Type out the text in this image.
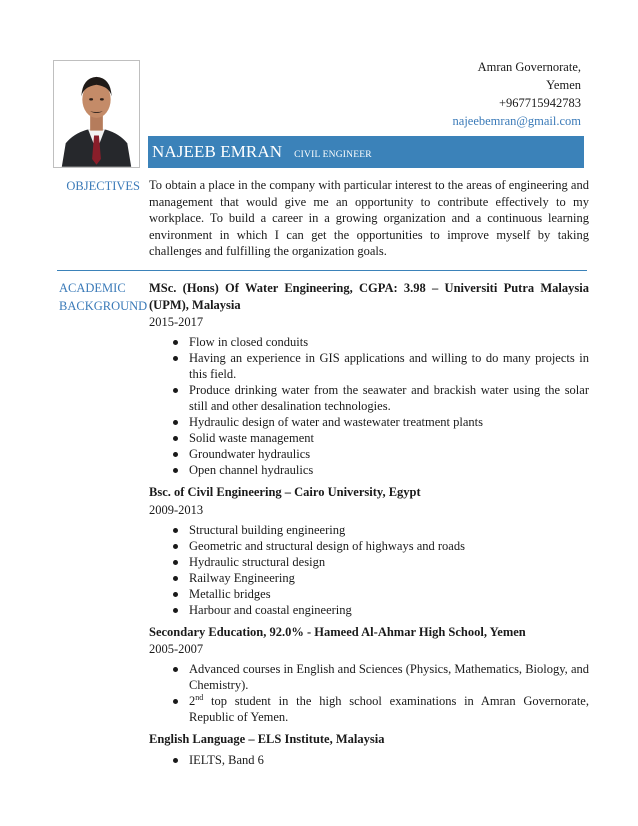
Amran Governorate,
Yemen
+967715942783
najeebemran@gmail.com
NAJEEB EMRAN CIVIL ENGINEER
OBJECTIVES To obtain a place in the company with particular interest to the areas of engineering and management that would give me an opportunity to contribute effectively to my workplace. To build a career in a growing organization and a continuous learning environment in which I can get the opportunities to improve myself by taking challenges and fulfilling the organization goals.
ACADEMIC
BACKGROUND
MSc. (Hons) Of Water Engineering, CGPA: 3.98 – Universiti Putra Malaysia (UPM), Malaysia
2015-2017
Flow in closed conduits
Having an experience in GIS applications and willing to do many projects in this field.
Produce drinking water from the seawater and brackish water using the solar still and other desalination technologies.
Hydraulic design of water and wastewater treatment plants
Solid waste management
Groundwater hydraulics
Open channel hydraulics
Bsc. of Civil Engineering – Cairo University, Egypt
2009-2013
Structural building engineering
Geometric and structural design of highways and roads
Hydraulic structural design
Railway Engineering
Metallic bridges
Harbour and coastal engineering
Secondary Education, 92.0% - Hameed Al-Ahmar High School, Yemen
2005-2007
Advanced courses in English and Sciences (Physics, Mathematics, Biology, and Chemistry).
2nd top student in the high school examinations in Amran Governorate, Republic of Yemen.
English Language – ELS Institute, Malaysia
IELTS, Band 6
